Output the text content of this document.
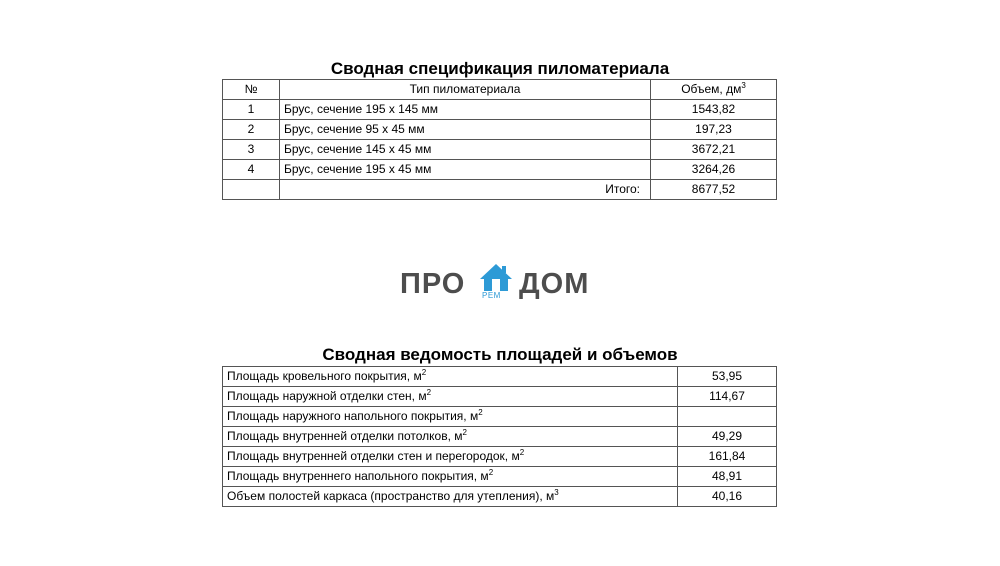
Сводная спецификация пиломатериала
№	Тип пиломатериала	Объем, $дм^3$
1	Брус, сечение 195 х 145 мм	1543,82
2	Брус, сечение 95 х 45 мм	197,23
3	Брус, сечение 145 х 45 мм	3672,21
4	Брус, сечение 195 х 45 мм	3264,26
	Итого:	8677,52
ПРО РЕМ ДОМ
Сводная ведомость площадей и объемов
Площадь кровельного покрытия, $м^2$	53,95
Площадь наружной отделки стен, $м^2$	114,67
Площадь наружного напольного покрытия, $м^2$	
Площадь внутренней отделки потолков, $м^2$	49,29
Площадь внутренней отделки стен и перегородок, $м^2$	161,84
Площадь внутреннего напольного покрытия, $м^2$	48,91
Объем полостей каркаса (пространство для утепления), $м^3$	40,16
